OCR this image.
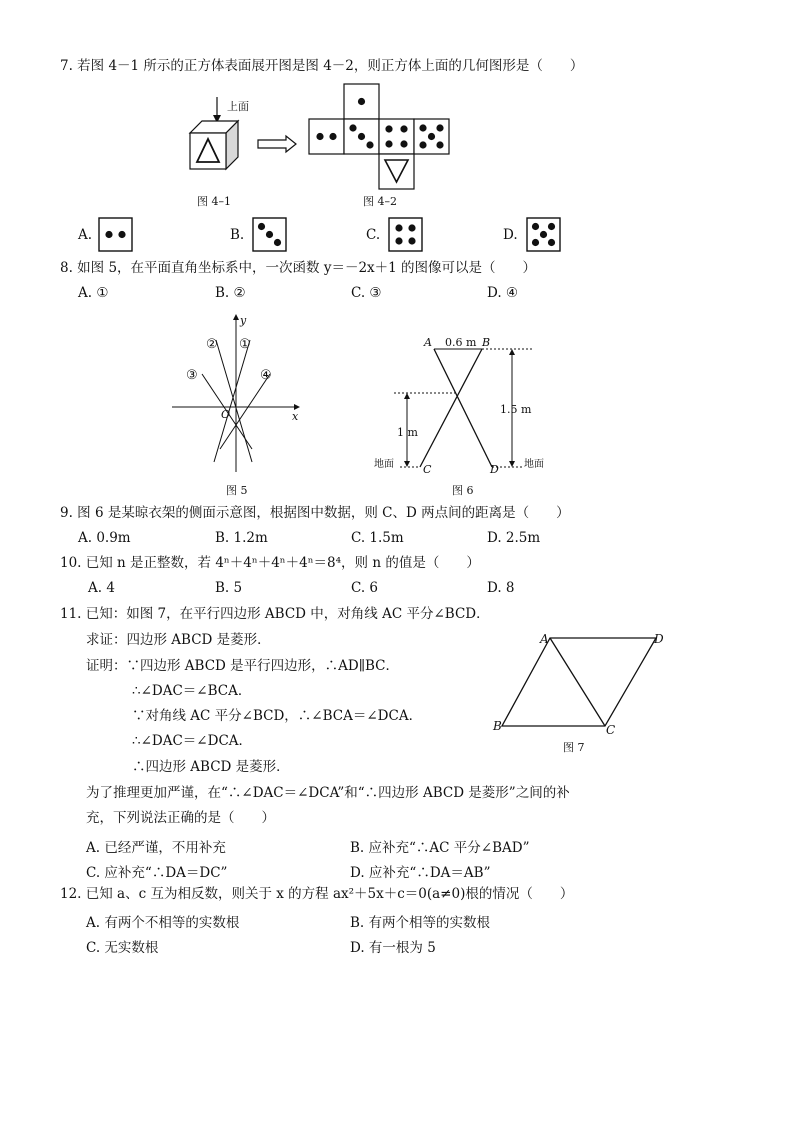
7. 若图 4－1 所示的正方体表面展开图是图 4－2，则正方体上面的几何图形是（　　）
上面
图 4–1	图 4–2
A.	B.	C.	D.
8. 如图 5，在平面直角坐标系中，一次函数 y＝－2x＋1 的图像可以是（　　）
A. ①	B. ②	C. ③	D. ④
y
x
O
①
②
③	④
图 5
A	B
0.6 m
1.5 m
1 m
C	D
地面	地面
图 6
9. 图 6 是某晾衣架的侧面示意图，根据图中数据，则 C、D 两点间的距离是（　　）
A. 0.9m	B. 1.2m	C. 1.5m	D. 2.5m
10. 已知 n 是正整数，若 4ⁿ＋4ⁿ＋4ⁿ＋4ⁿ＝8⁴，则 n 的值是（　　）
A. 4	B. 5	C. 6	D. 8
11. 已知：如图 7，在平行四边形 ABCD 中，对角线 AC 平分∠BCD．
求证：四边形 ABCD 是菱形．
证明：∵四边形 ABCD 是平行四边形，∴AD∥BC．
∴∠DAC＝∠BCA．
∵对角线 AC 平分∠BCD，∴∠BCA＝∠DCA．
∴∠DAC＝∠DCA．
∴四边形 ABCD 是菱形．
A	D
B	C
图 7
为了推理更加严谨，在“∴∠DAC＝∠DCA”和“∴四边形 ABCD 是菱形”之间的补
充，下列说法正确的是（　　）
A. 已经严谨，不用补充	B. 应补充“∴AC 平分∠BAD”
C. 应补充“∴DA＝DC”	D. 应补充“∴DA＝AB”
12. 已知 a、c 互为相反数，则关于 x 的方程 ax²＋5x＋c＝0(a≠0)根的情况（　　）
A. 有两个不相等的实数根	B. 有两个相等的实数根
C. 无实数根	D. 有一根为 5
